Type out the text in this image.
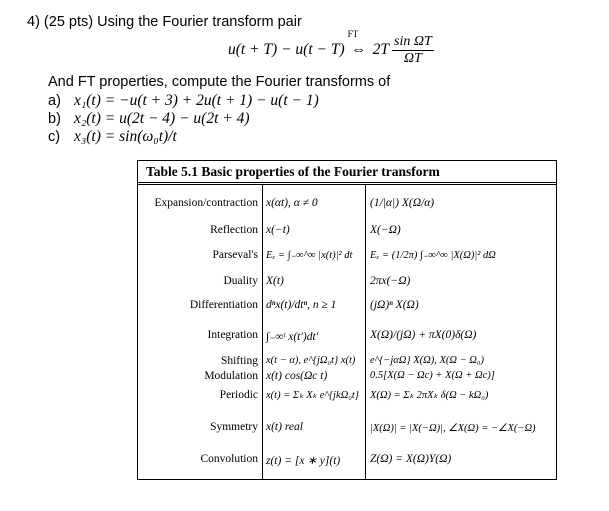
4) (25 pts) Using the Fourier transform pair
u(t + T) − u(t − T)
FT
⇔ $2T \frac{\text{sin ΩT}}{\Omega T}$
And FT properties, compute the Fourier transforms of
a) x₁(t) = −u(t + 3) + 2u(t + 1) − u(t − 1)
b) x₂(t) = u(2t − 4) − u(2t + 4)
c) x₃(t) = sin(ω₀t)/t
Table 5.1 Basic properties of the Fourier transform
Expansion/contraction
Reflection
Parseval's
Duality
Differentiation
Integration
Shifting
Modulation
Periodic
Symmetry
Convolution
x(αt), α ≠ 0
x(−t)
Eₓ = ∫₋∞^∞ |x(t)|² dt
X(t)
dⁿx(t)/dtⁿ, n ≥ 1
∫₋∞ᵗ x(t′)dt′
x(t − α), e^{jΩ₀t} x(t)
x(t) cos(Ωc t)
x(t) = Σₖ Xₖ e^{jkΩ₀t}
x(t) real
z(t) = [x ∗ y](t)
(1/|α|) X(Ω/α)
X(−Ω)
Eₓ = (1/2π) ∫₋∞^∞ |X(Ω)|² dΩ
2πx(−Ω)
(jΩ)ⁿ X(Ω)
X(Ω)/(jΩ) + πX(0)δ(Ω)
e^{−jαΩ} X(Ω), X(Ω − Ω₀)
0.5[X(Ω − Ωc) + X(Ω + Ωc)]
X(Ω) = Σₖ 2πXₖ δ(Ω − kΩ₀)
|X(Ω)| = |X(−Ω)|, ∠X(Ω) = −∠X(−Ω)
Z(Ω) = X(Ω)Y(Ω)
